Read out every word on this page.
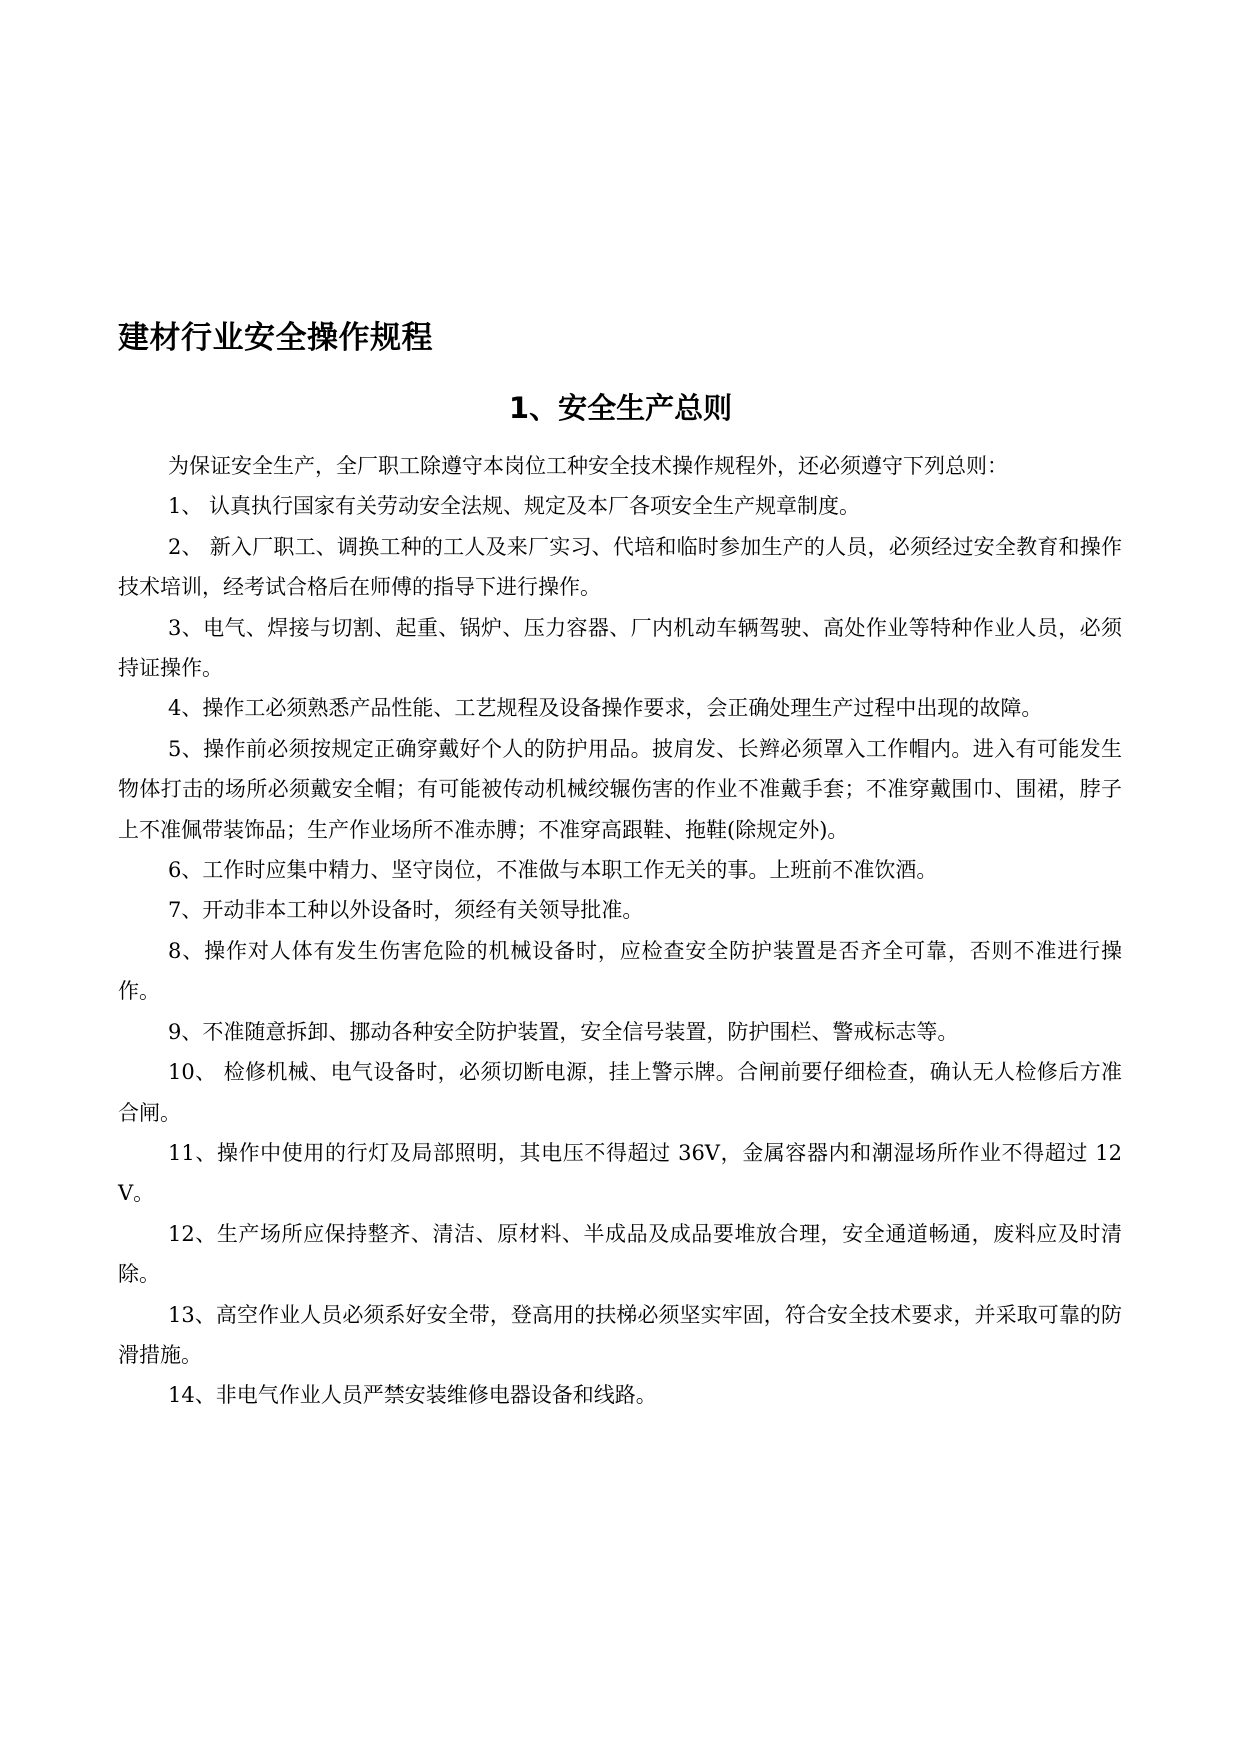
建材行业安全操作规程
1、安全生产总则

为保证安全生产，全厂职工除遵守本岗位工种安全技术操作规程外，还必须遵守下列总则：

1、 认真执行国家有关劳动安全法规、规定及本厂各项安全生产规章制度。

2、 新入厂职工、调换工种的工人及来厂实习、代培和临时参加生产的人员，必须经过安全教育和操作技术培训，经考试合格后在师傅的指导下进行操作。

3、电气、焊接与切割、起重、锅炉、压力容器、厂内机动车辆驾驶、高处作业等特种作业人员，必须持证操作。

4、操作工必须熟悉产品性能、工艺规程及设备操作要求，会正确处理生产过程中出现的故障。

5、操作前必须按规定正确穿戴好个人的防护用品。披肩发、长辫必须罩入工作帽内。进入有可能发生物体打击的场所必须戴安全帽；有可能被传动机械绞辗伤害的作业不准戴手套；不准穿戴围巾、围裙，脖子上不准佩带装饰品；生产作业场所不准赤膊；不准穿高跟鞋、拖鞋(除规定外)。

6、工作时应集中精力、坚守岗位，不准做与本职工作无关的事。上班前不准饮酒。

7、开动非本工种以外设备时，须经有关领导批准。

8、操作对人体有发生伤害危险的机械设备时，应检查安全防护装置是否齐全可靠，否则不准进行操作。

9、不准随意拆卸、挪动各种安全防护装置，安全信号装置，防护围栏、警戒标志等。

10、 检修机械、电气设备时，必须切断电源，挂上警示牌。合闸前要仔细检查，确认无人检修后方准合闸。

11、操作中使用的行灯及局部照明，其电压不得超过 36V，金属容器内和潮湿场所作业不得超过 12V。

12、生产场所应保持整齐、清洁、原材料、半成品及成品要堆放合理，安全通道畅通，废料应及时清除。

13、高空作业人员必须系好安全带，登高用的扶梯必须坚实牢固，符合安全技术要求，并采取可靠的防滑措施。

14、非电气作业人员严禁安装维修电器设备和线路。
